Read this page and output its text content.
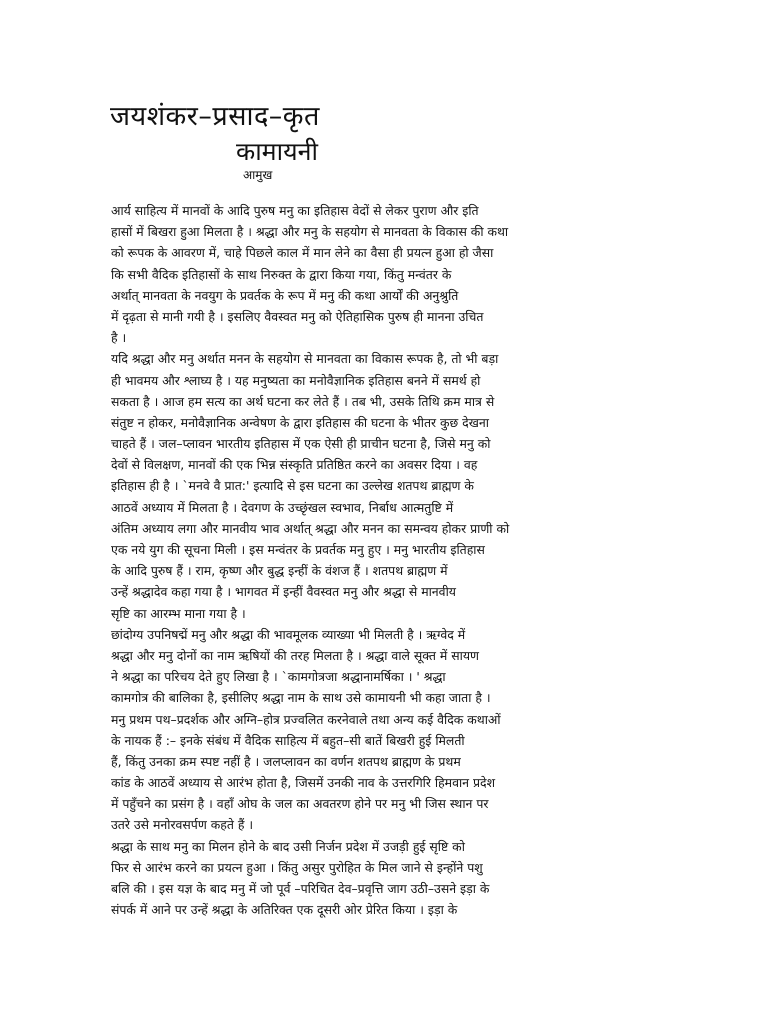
जयशंकर–प्रसाद–कृत
कामायनी
आमुख
आर्य साहित्य में मानवों के आदि पुरुष मनु का इतिहास वेदों से लेकर पुराण और इति
हासों में बिखरा हुआ मिलता है । श्रद्धा और मनु के सहयोग से मानवता के विकास की कथा
को रूपक के आवरण में, चाहे पिछले काल में मान लेने का वैसा ही प्रयत्न हुआ हो जैसा
कि सभी वैदिक इतिहासों के साथ निरुक्त के द्वारा किया गया, किंतु मन्वंतर के
अर्थात् मानवता के नवयुग के प्रवर्तक के रूप में मनु की कथा आर्यों की अनुश्रुति
में दृढ़ता से मानी गयी है । इसलिए वैवस्वत मनु को ऐतिहासिक पुरुष ही मानना उचित
है ।
यदि श्रद्धा और मनु अर्थात मनन के सहयोग से मानवता का विकास रूपक है, तो भी बड़ा
ही भावमय और श्लाघ्य है । यह मनुष्यता का मनोवैज्ञानिक इतिहास बनने में समर्थ हो
सकता है । आज हम सत्य का अर्थ घटना कर लेते हैं । तब भी, उसके तिथि क्रम मात्र से
संतुष्ट न होकर, मनोवैज्ञानिक अन्वेषण के द्वारा इतिहास की घटना के भीतर कुछ देखना
चाहते हैं । जल–प्लावन भारतीय इतिहास में एक ऐसी ही प्राचीन घटना है, जिसे मनु को
देवों से विलक्षण, मानवों की एक भिन्न संस्कृति प्रतिष्ठित करने का अवसर दिया । वह
इतिहास ही है । `मनवे वै प्रात:' इत्यादि से इस घटना का उल्लेख शतपथ ब्राह्मण के
आठवें अध्याय में मिलता है । देवगण के उच्छृंखल स्वभाव, निर्बाध आत्मतुष्टि में
अंतिम अध्याय लगा और मानवीय भाव अर्थात् श्रद्धा और मनन का समन्वय होकर प्राणी को
एक नये युग की सूचना मिली । इस मन्वंतर के प्रवर्तक मनु हुए । मनु भारतीय इतिहास
के आदि पुरुष हैं । राम, कृष्ण और बुद्ध इन्हीं के वंशज हैं । शतपथ ब्राह्मण में
उन्हें श्रद्धादेव कहा गया है । भागवत में इन्हीं वैवस्वत मनु और श्रद्धा से मानवीय
सृष्टि का आरम्भ माना गया है ।
छांदोग्य उपनिषद्में मनु और श्रद्धा की भावमूलक व्याख्या भी मिलती है । ऋग्वेद में
श्रद्धा और मनु दोनों का नाम ऋषियों की तरह मिलता है । श्रद्धा वाले सूक्त में सायण
ने श्रद्धा का परिचय देते हुए लिखा है । `कामगोत्रजा श्रद्धानामर्षिका । ' श्रद्धा
कामगोत्र की बालिका है, इसीलिए श्रद्धा नाम के साथ उसे कामायनी भी कहा जाता है ।
मनु प्रथम पथ–प्रदर्शक और अग्नि–होत्र प्रज्वलित करनेवाले तथा अन्य कई वैदिक कथाओं
के नायक हैं :– इनके संबंध में वैदिक साहित्य में बहुत–सी बातें बिखरी हुई मिलती
हैं, किंतु उनका क्रम स्पष्ट नहीं है । जलप्लावन का वर्णन शतपथ ब्राह्मण के प्रथम
कांड के आठवें अध्याय से आरंभ होता है, जिसमें उनकी नाव के उत्तरगिरि हिमवान प्रदेश
में पहुँचने का प्रसंग है । वहाँ ओघ के जल का अवतरण होने पर मनु भी जिस स्थान पर
उतरे उसे मनोरवसर्पण कहते हैं ।
श्रद्धा के साथ मनु का मिलन होने के बाद उसी निर्जन प्रदेश में उजड़ी हुई सृष्टि को
फिर से आरंभ करने का प्रयत्न हुआ । किंतु असुर पुरोहित के मिल जाने से इन्होंने पशु
बलि की । इस यज्ञ के बाद मनु में जो पूर्व –परिचित देव–प्रवृत्ति जाग उठी–उसने इड़ा के
संपर्क में आने पर उन्हें श्रद्धा के अतिरिक्त एक दूसरी ओर प्रेरित किया । इड़ा के
